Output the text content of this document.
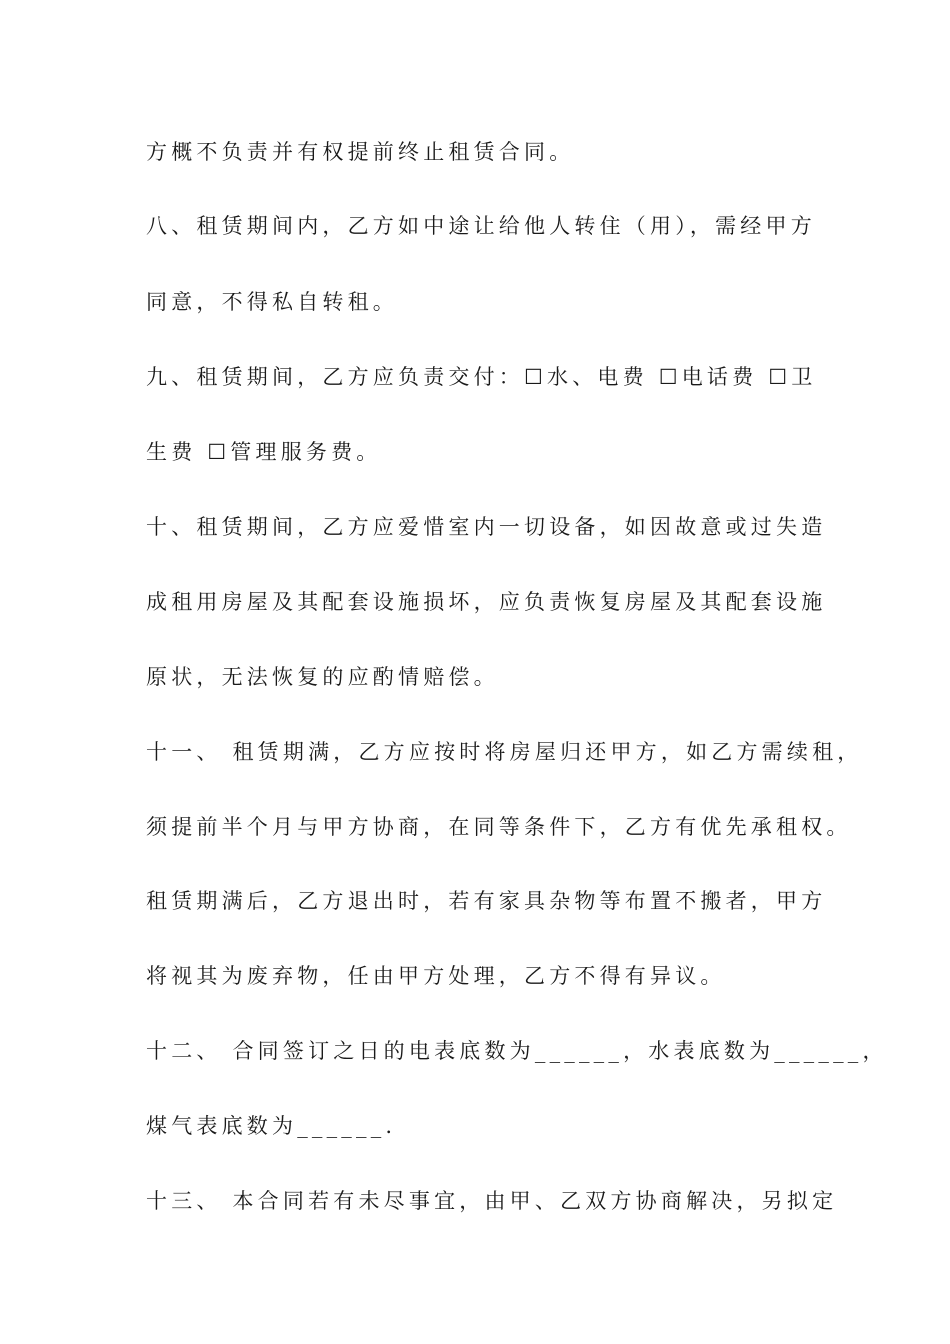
方概不负责并有权提前终止租赁合同。
八、租赁期间内，乙方如中途让给他人转住（用），需经甲方
同意，不得私自转租。
九、租赁期间，乙方应负责交付：☐水、电费 ☐电话费 ☐卫
生费 ☐管理服务费。
十、租赁期间，乙方应爱惜室内一切设备，如因故意或过失造
成租用房屋及其配套设施损坏，应负责恢复房屋及其配套设施
原状，无法恢复的应酌情赔偿。
十一、 租赁期满，乙方应按时将房屋归还甲方，如乙方需续租，
须提前半个月与甲方协商，在同等条件下，乙方有优先承租权。
租赁期满后，乙方退出时，若有家具杂物等布置不搬者，甲方
将视其为废弃物，任由甲方处理，乙方不得有异议。
十二、 合同签订之日的电表底数为______，水表底数为______，
煤气表底数为______.
十三、 本合同若有未尽事宜，由甲、乙双方协商解决，另拟定
